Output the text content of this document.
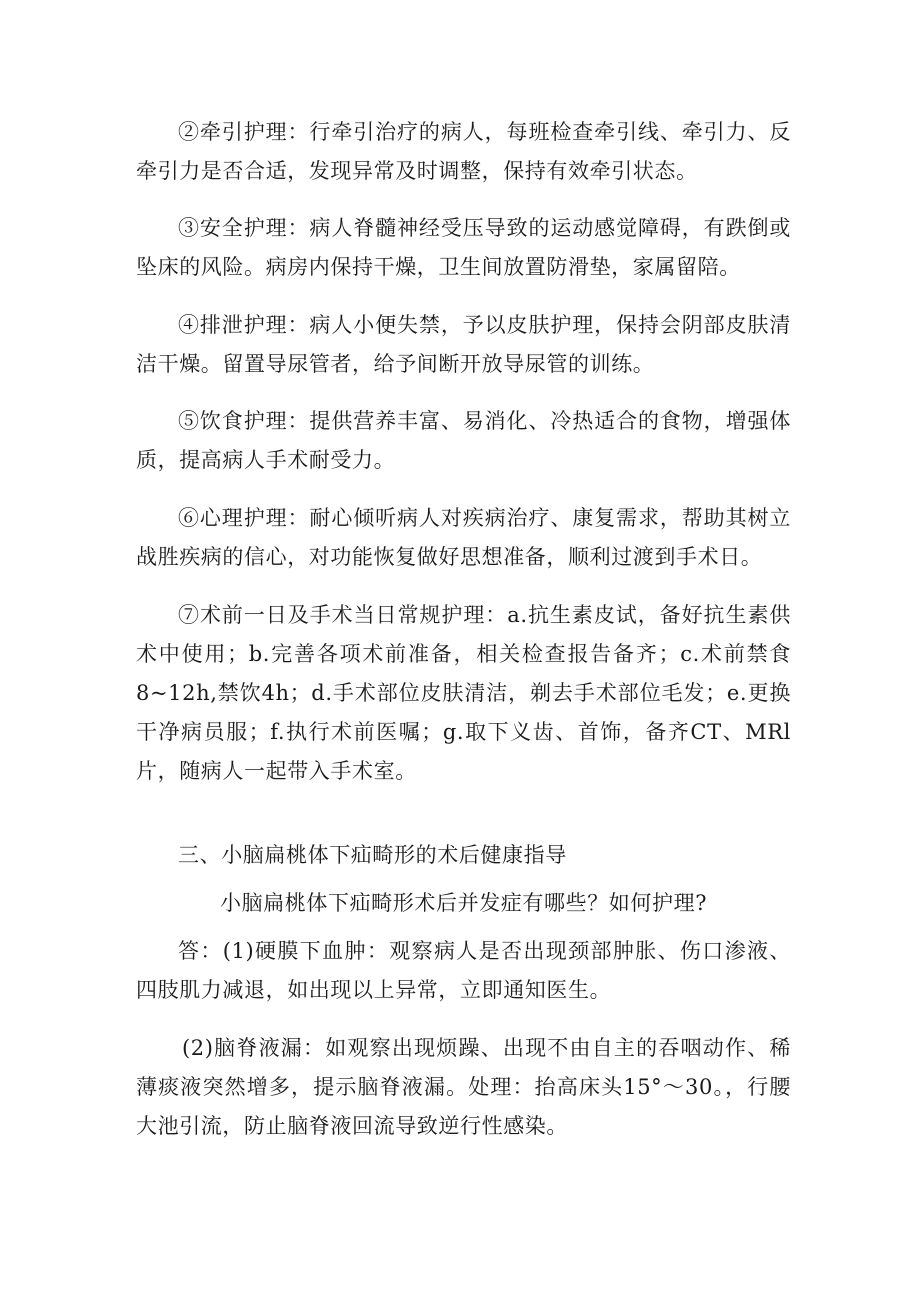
②牵引护理：行牵引治疗的病人，每班检查牵引线、牵引力、反牵引力是否合适，发现异常及时调整，保持有效牵引状态。

③安全护理：病人脊髓神经受压导致的运动感觉障碍，有跌倒或坠床的风险。病房内保持干燥，卫生间放置防滑垫，家属留陪。

④排泄护理：病人小便失禁，予以皮肤护理，保持会阴部皮肤清洁干燥。留置导尿管者，给予间断开放导尿管的训练。

⑤饮食护理：提供营养丰富、易消化、冷热适合的食物，增强体质，提高病人手术耐受力。

⑥心理护理：耐心倾听病人对疾病治疗、康复需求，帮助其树立战胜疾病的信心，对功能恢复做好思想准备，顺利过渡到手术日。

⑦术前一日及手术当日常规护理：a.抗生素皮试，备好抗生素供术中使用；b.完善各项术前准备，相关检查报告备齐；c.术前禁食8~12h,禁饮4h；d.手术部位皮肤清洁，剃去手术部位毛发；e.更换干净病员服；f.执行术前医嘱；g.取下义齿、首饰，备齐CT、MRl片，随病人一起带入手术室。

三、小脑扁桃体下疝畸形的术后健康指导

小脑扁桃体下疝畸形术后并发症有哪些？如何护理?

答：(1)硬膜下血肿：观察病人是否出现颈部肿胀、伤口渗液、四肢肌力减退，如出现以上异常，立即通知医生。

(2)脑脊液漏：如观察出现烦躁、出现不由自主的吞咽动作、稀薄痰液突然增多，提示脑脊液漏。处理：抬高床头15°～30。，行腰大池引流，防止脑脊液回流导致逆行性感染。
